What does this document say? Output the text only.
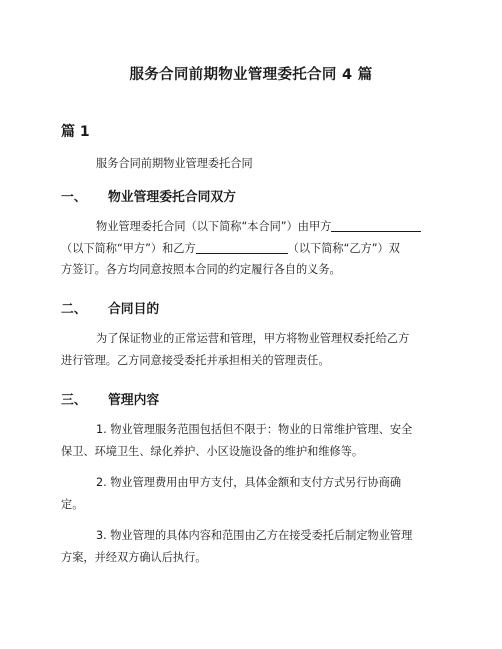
服务合同前期物业管理委托合同 4 篇
篇 1
服务合同前期物业管理委托合同
一、 物业管理委托合同双方
物业管理委托合同（以下简称“本合同”）由甲方
（以下简称“甲方”）和乙方	（以下简称“乙方”）双
方签订。各方均同意按照本合同的约定履行各自的义务。
二、 合同目的
为了保证物业的正常运营和管理，甲方将物业管理权委托给乙方
进行管理。乙方同意接受委托并承担相关的管理责任。
三、 管理内容
1. 物业管理服务范围包括但不限于：物业的日常维护管理、安全
保卫、环境卫生、绿化养护、小区设施设备的维护和维修等。
2. 物业管理费用由甲方支付，具体金额和支付方式另行协商确
定。
3. 物业管理的具体内容和范围由乙方在接受委托后制定物业管理
方案，并经双方确认后执行。
